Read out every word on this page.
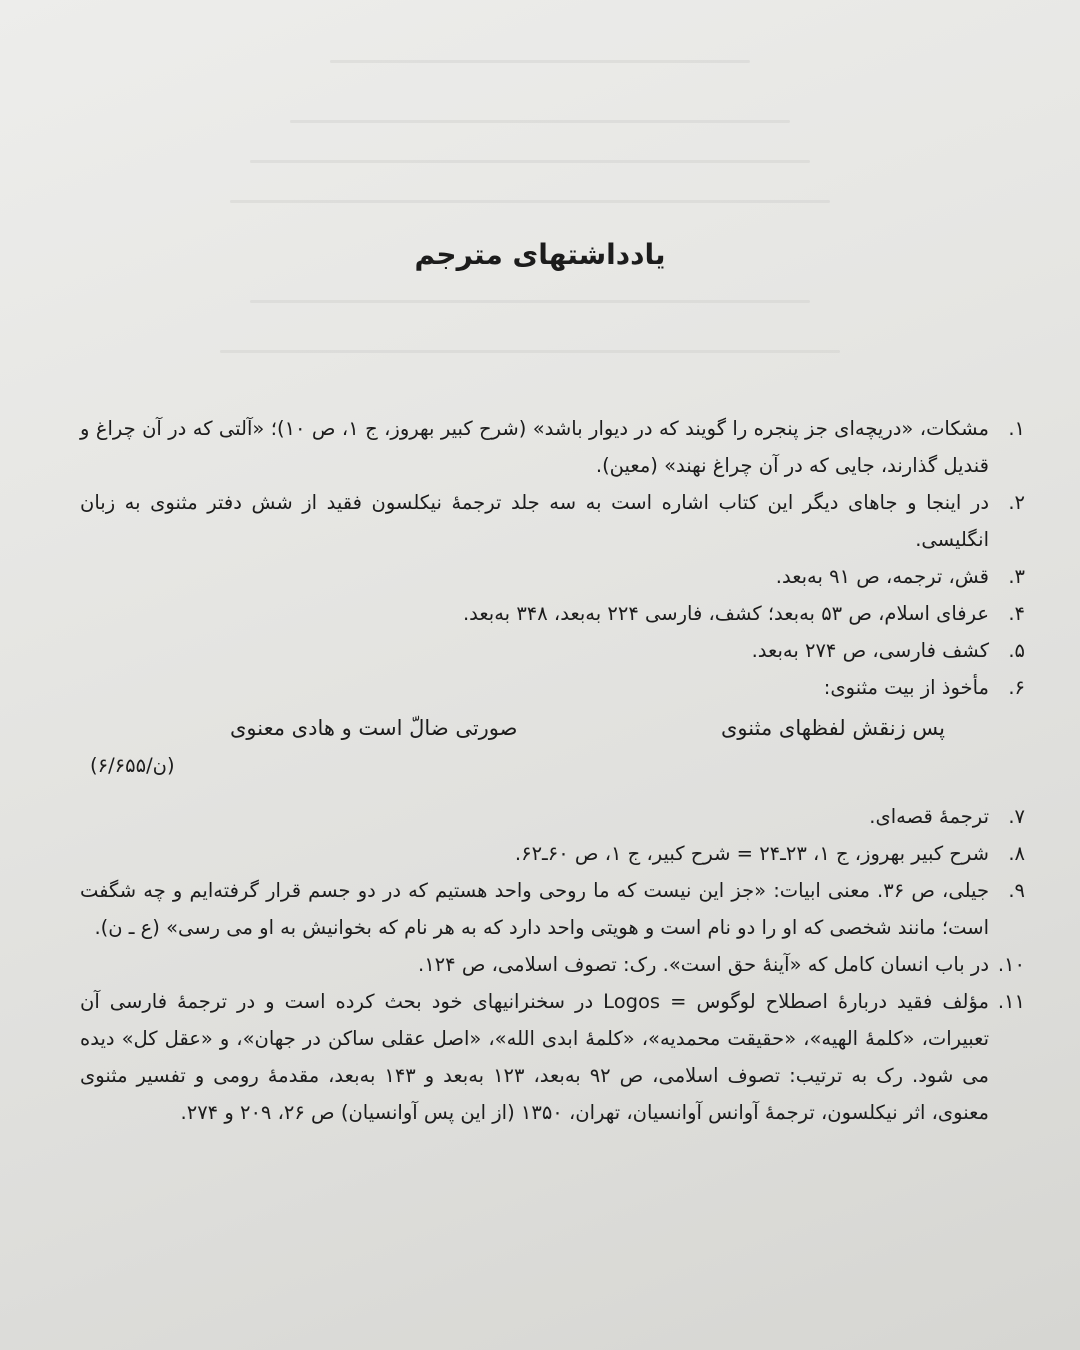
یادداشتهای مترجم
۱.
مشکات، «دریچه‌ای جز پنجره را گویند که در دیوار باشد» (شرح کبیر بهروز، ج ۱، ص ۱۰)؛ «آلتی که در آن چراغ و قندیل گذارند، جایی که در آن چراغ نهند» (معین).
۲.
در اینجا و جاهای دیگر این کتاب اشاره است به سه جلد ترجمهٔ نیکلسون فقید از شش دفتر مثنوی به زبان انگلیسی.
۳.
قش، ترجمه، ص ۹۱ به‌بعد.
۴.
عرفای اسلام، ص ۵۳ به‌بعد؛ کشف، فارسی ۲۲۴ به‌بعد، ۳۴۸ به‌بعد.
۵.
کشف فارسی، ص ۲۷۴ به‌بعد.
۶.
مأخوذ از بیت مثنوی:
پس زنقش لفظهای مثنوی
صورتی ضالّ است و هادی معنوی
(ن/۶/۶۵۵)
۷.
ترجمهٔ قصه‌ای.
۸.
شرح کبیر بهروز، ج ۱، ۲۳ـ۲۴ = شرح کبیر، ج ۱، ص ۶۰ـ۶۲.
۹.
جیلی، ص ۳۶. معنی ابیات: «جز این نیست که ما روحی واحد هستیم که در دو جسم قرار گرفته‌ایم و چه شگفت است؛ مانند شخصی که او را دو نام است و هویتی واحد دارد که به هر نام که بخوانیش به او می رسی» (ع ـ ن).
۱۰.
در باب انسان کامل که «آینهٔ حق است». رک: تصوف اسلامی، ص ۱۲۴.
۱۱.
مؤلف فقید دربارهٔ اصطلاح لوگوس = Logos در سخنرانیهای خود بحث کرده است و در ترجمهٔ فارسی آن تعبیرات، «کلمهٔ الهیه»، «حقیقت محمدیه»، «کلمهٔ ابدی الله»، «اصل عقلی ساکن در جهان»، و «عقل کل» دیده می شود. رک به ترتیب: تصوف اسلامی، ص ۹۲ به‌بعد، ۱۲۳ به‌بعد و ۱۴۳ به‌بعد، مقدمهٔ رومی و تفسیر مثنوی معنوی، اثر نیکلسون، ترجمهٔ آوانس آوانسیان، تهران، ۱۳۵۰ (از این پس آوانسیان) ص ۲۶، ۲۰۹ و ۲۷۴.
